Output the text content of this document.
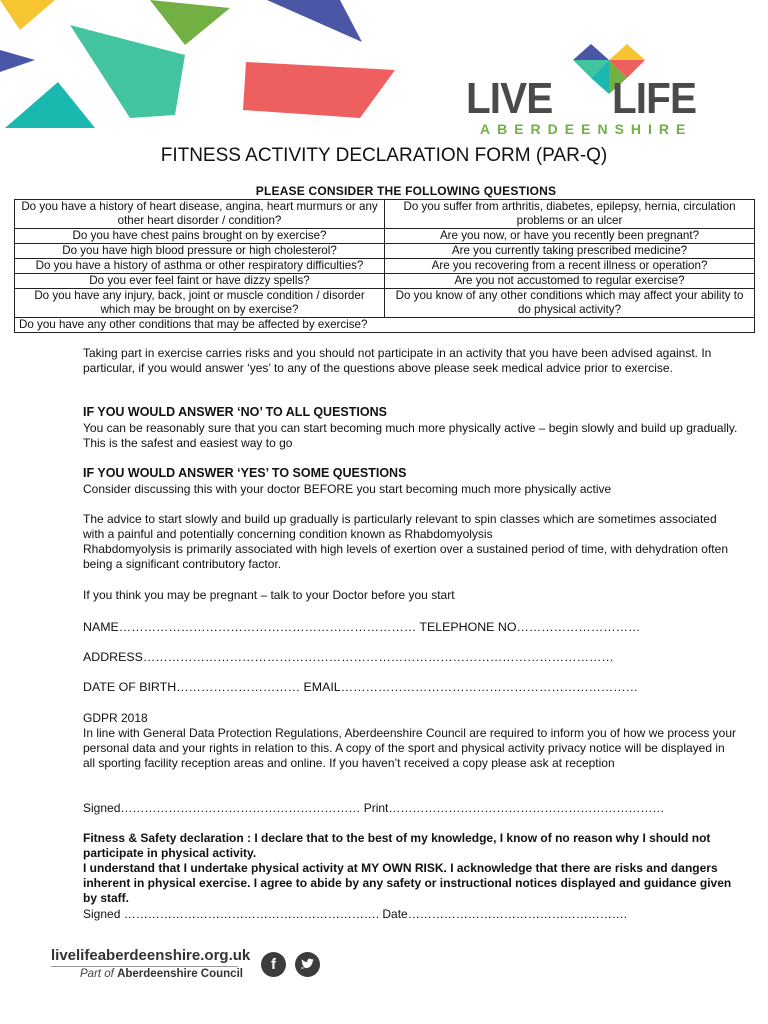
LIVE LIFE
ABERDEENSHIRE
FITNESS ACTIVITY DECLARATION FORM (PAR-Q)
PLEASE CONSIDER THE FOLLOWING QUESTIONS
Do you have a history of heart disease, angina, heart murmurs or any other heart disorder / condition?	Do you suffer from arthritis, diabetes, epilepsy, hernia, circulation problems or an ulcer
Do you have chest pains brought on by exercise?	Are you now, or have you recently been pregnant?
Do you have high blood pressure or high cholesterol?	Are you currently taking prescribed medicine?
Do you have a history of asthma or other respiratory difficulties?	Are you recovering from a recent illness or operation?
Do you ever feel faint or have dizzy spells?	Are you not accustomed to regular exercise?
Do you have any injury, back, joint or muscle condition / disorder which may be brought on by exercise?	Do you know of any other conditions which may affect your ability to do physical activity?
Do you have any other conditions that may be affected by exercise?	
Taking part in exercise carries risks and you should not participate in an activity that you have been advised against. In particular, if you would answer ‘yes’ to any of the questions above please seek medical advice prior to exercise.
IF YOU WOULD ANSWER ‘NO’ TO ALL QUESTIONS
You can be reasonably sure that you can start becoming much more physically active – begin slowly and build up gradually. This is the safest and easiest way to go
IF YOU WOULD ANSWER ‘YES’ TO SOME QUESTIONS
Consider discussing this with your doctor BEFORE you start becoming much more physically active
The advice to start slowly and build up gradually is particularly relevant to spin classes which are sometimes associated with a painful and potentially concerning condition known as Rhabdomyolysis
Rhabdomyolysis is primarily associated with high levels of exertion over a sustained period of time, with dehydration often being a significant contributory factor.
If you think you may be pregnant – talk to your Doctor before you start
NAME……………………………………………………………… TELEPHONE NO…………………………
ADDRESS……………………………………………………………………………………………………
DATE OF BIRTH………………………… EMAIL………………………………………………………………
GDPR 2018
In line with General Data Protection Regulations, Aberdeenshire Council are required to inform you of how we process your personal data and your rights in relation to this. A copy of the sport and physical activity privacy notice will be displayed in all sporting facility reception areas and online. If you haven’t received a copy please ask at reception
Signed…………………………………………………… Print……………………………………………………………
Fitness & Safety declaration : I declare that to the best of my knowledge, I know of no reason why I should not participate in physical activity.
I understand that I undertake physical activity at MY OWN RISK. I acknowledge that there are risks and dangers inherent in physical exercise. I agree to abide by any safety or instructional notices displayed and guidance given by staff.
Signed ………………………………………………………. Date……………………………………………….
livelifeaberdeenshire.org.uk
Part of Aberdeenshire Council
f
